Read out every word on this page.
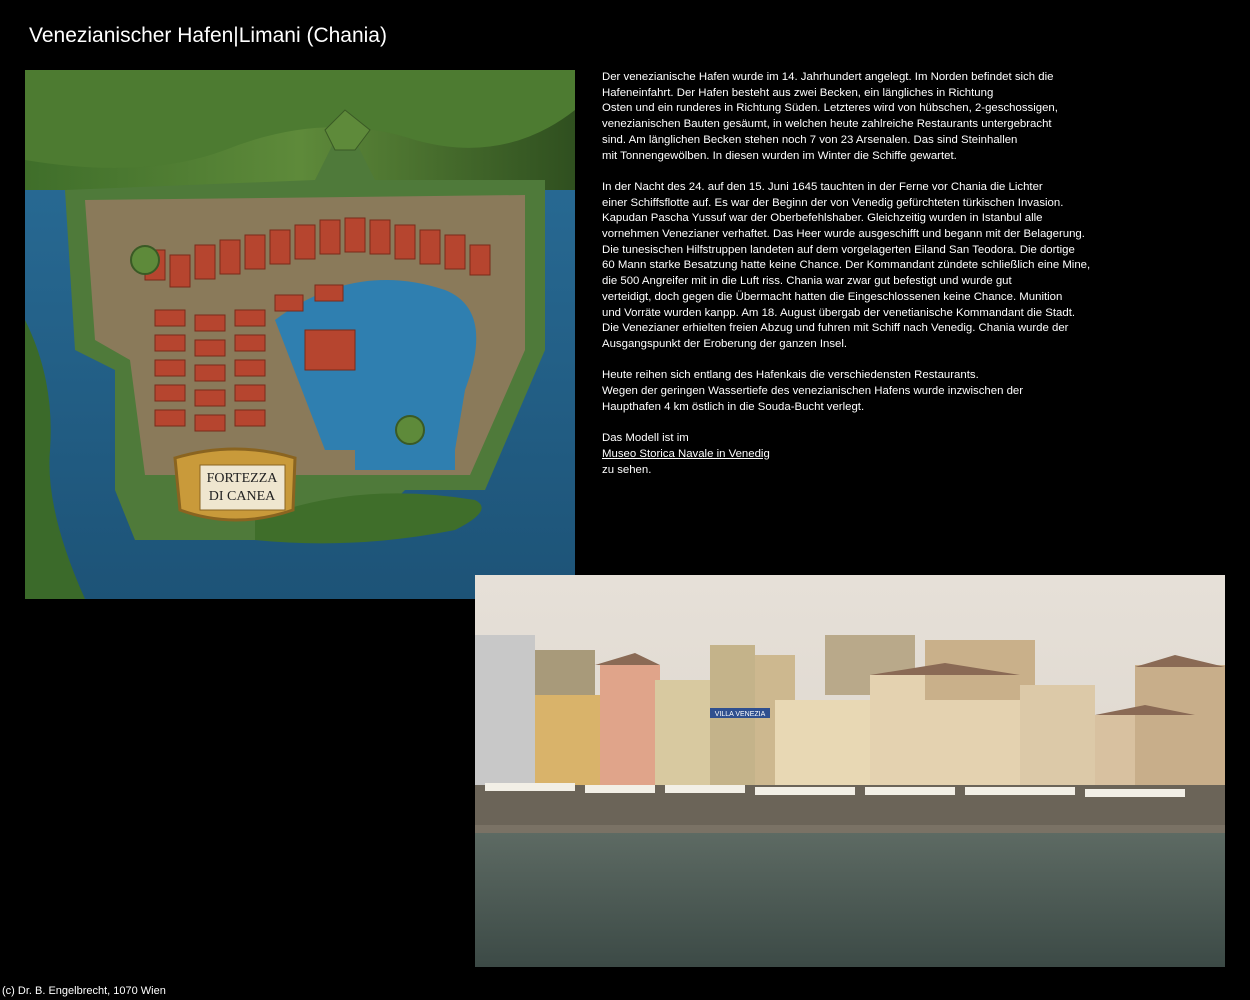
Venezianischer Hafen|Limani (Chania)
FORTEZZA
DI CANEA

Der venezianische Hafen wurde im 14. Jahrhundert angelegt. Im Norden befindet sich die
Hafeneinfahrt. Der Hafen besteht aus zwei Becken, ein längliches in Richtung
Osten und ein runderes in Richtung Süden. Letzteres wird von hübschen, 2-geschossigen,
venezianischen Bauten gesäumt, in welchen heute zahlreiche Restaurants untergebracht
sind. Am länglichen Becken stehen noch 7 von 23 Arsenalen. Das sind Steinhallen
mit Tonnengewölben. In diesen wurden im Winter die Schiffe gewartet.

In der Nacht des 24. auf den 15. Juni 1645 tauchten in der Ferne vor Chania die Lichter
einer Schiffsflotte auf. Es war der Beginn der von Venedig gefürchteten türkischen Invasion.
Kapudan Pascha Yussuf war der Oberbefehlshaber. Gleichzeitig wurden in Istanbul alle
vornehmen Venezianer verhaftet. Das Heer wurde ausgeschifft und begann mit der Belagerung.
Die tunesischen Hilfstruppen landeten auf dem vorgelagerten Eiland San Teodora. Die dortige
60 Mann starke Besatzung hatte keine Chance. Der Kommandant zündete schließlich eine Mine,
die 500 Angreifer mit in die Luft riss. Chania war zwar gut befestigt und wurde gut
verteidigt, doch gegen die Übermacht hatten die Eingeschlossenen keine Chance. Munition
und Vorräte wurden kanpp. Am 18. August übergab der venetianische Kommandant die Stadt.
Die Venezianer erhielten freien Abzug und fuhren mit Schiff nach Venedig. Chania wurde der
Ausgangspunkt der Eroberung der ganzen Insel.

Heute reihen sich entlang des Hafenkais die verschiedensten Restaurants.
Wegen der geringen Wassertiefe des venezianischen Hafens wurde inzwischen der
Haupthafen 4 km östlich in die Souda-Bucht verlegt.

Das Modell ist im
Museo Storica Navale in Venedig
zu sehen.

VILLA VENEZIA
(c) Dr. B. Engelbrecht, 1070 Wien
